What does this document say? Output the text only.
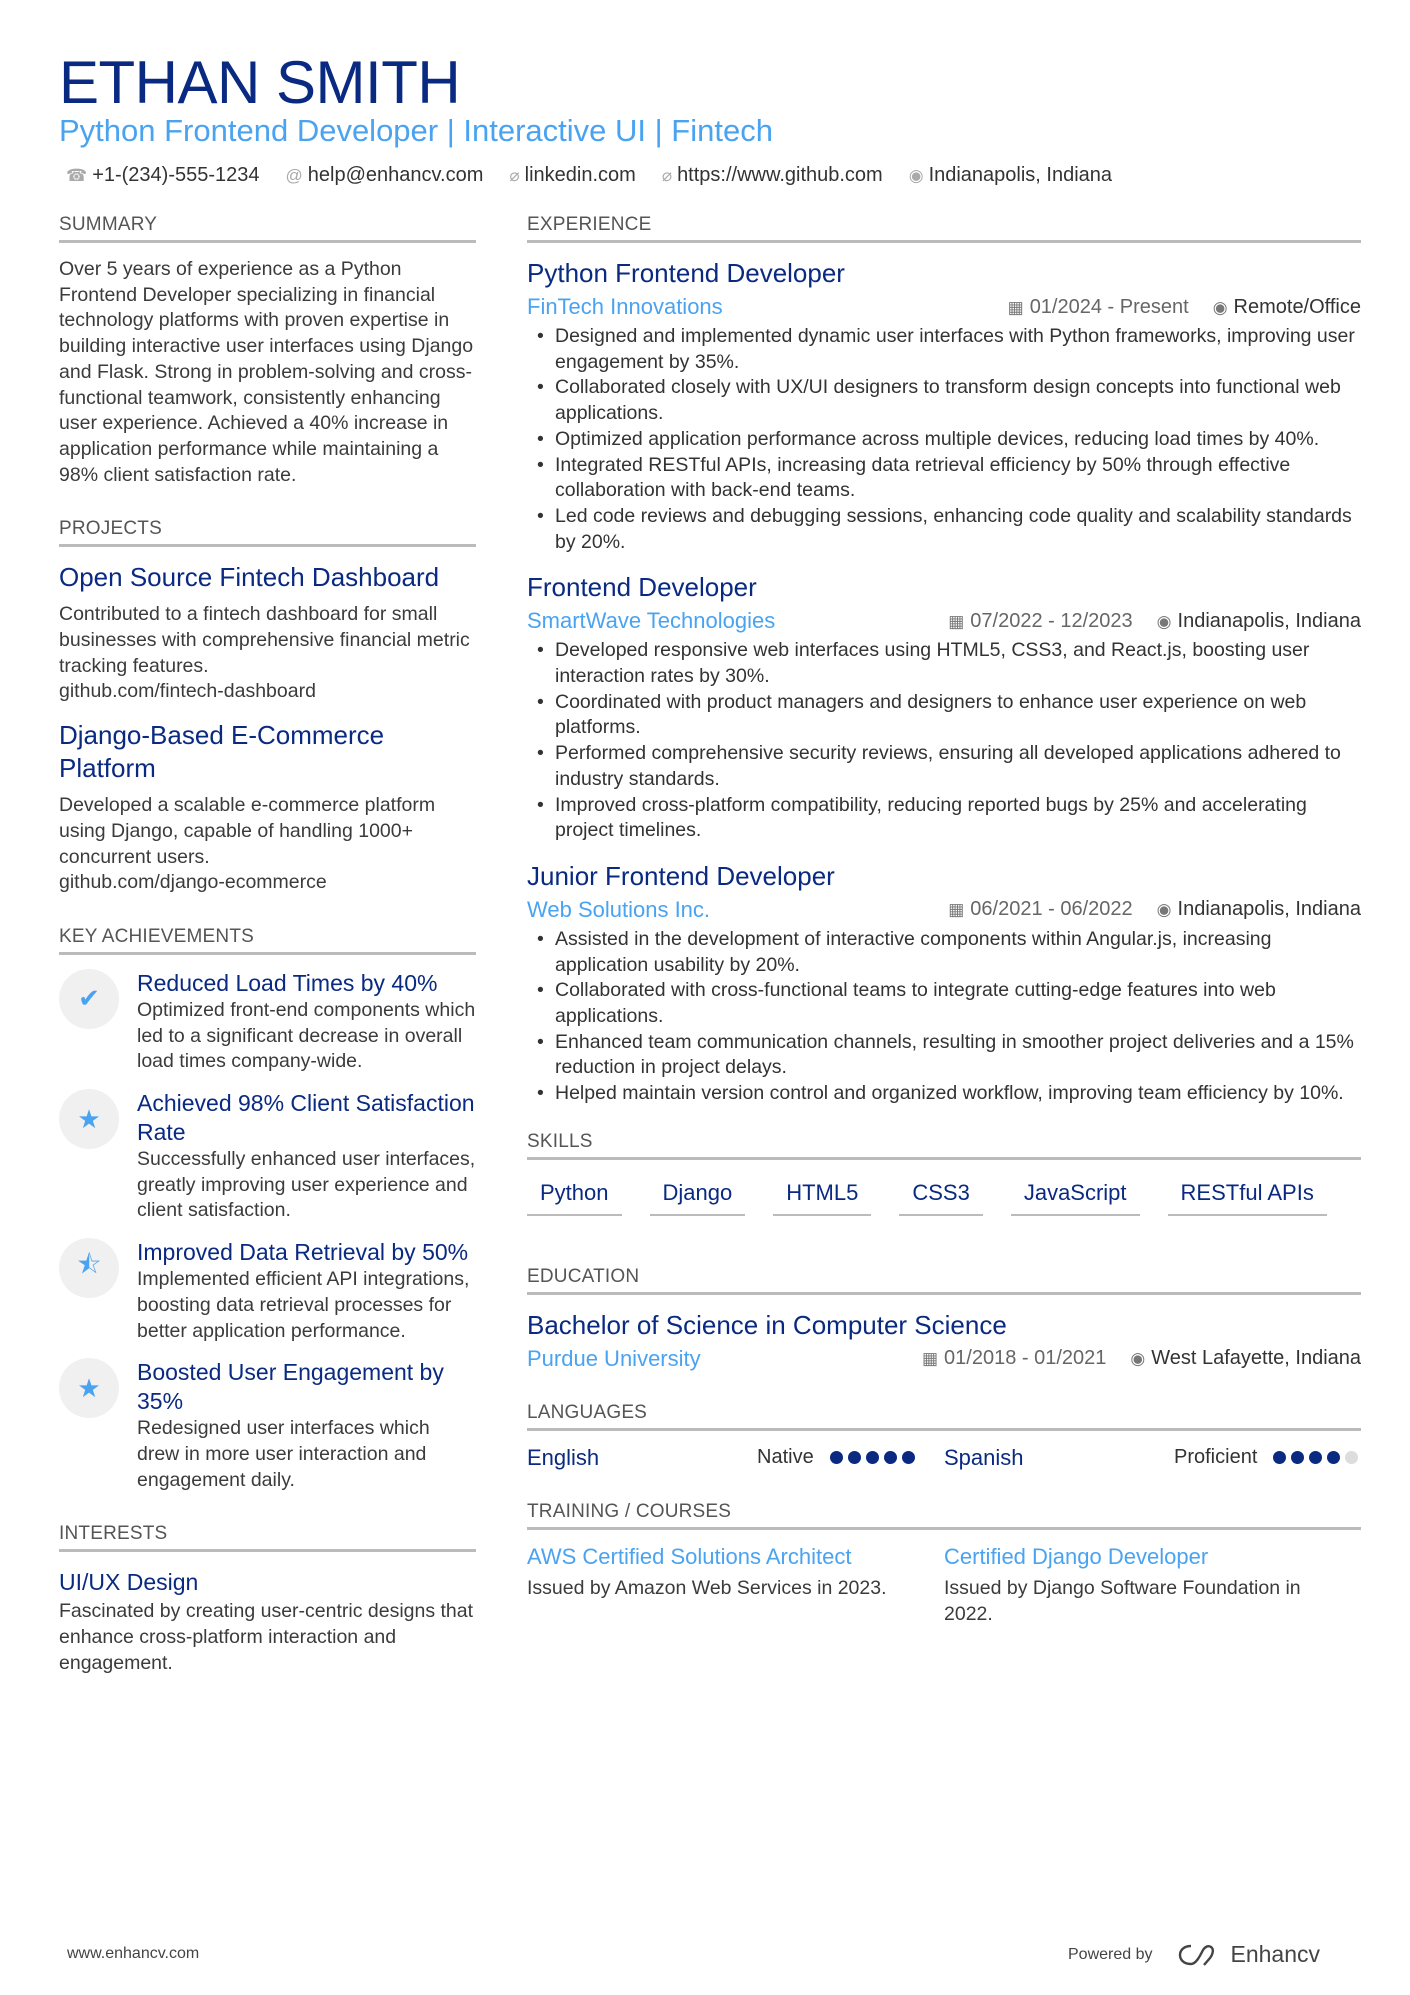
ETHAN SMITH
Python Frontend Developer | Interactive UI | Fintech
☎ +1-(234)-555-1234 @ help@enhancv.com ⌀ linkedin.com ⌀ https://www.github.com ◉ Indianapolis, Indiana
SUMMARY
Over 5 years of experience as a Python Frontend Developer specializing in financial technology platforms with proven expertise in building interactive user interfaces using Django and Flask. Strong in problem-solving and cross-functional teamwork, consistently enhancing user experience. Achieved a 40% increase in application performance while maintaining a 98% client satisfaction rate.
PROJECTS
Open Source Fintech Dashboard
Contributed to a fintech dashboard for small businesses with comprehensive financial metric tracking features.
github.com/fintech-dashboard
Django-Based E-Commerce Platform
Developed a scalable e-commerce platform using Django, capable of handling 1000+ concurrent users.
github.com/django-ecommerce
KEY ACHIEVEMENTS
✔
Reduced Load Times by 40%
Optimized front-end components which led to a significant decrease in overall load times company-wide.
★
Achieved 98% Client Satisfaction Rate
Successfully enhanced user interfaces, greatly improving user experience and client satisfaction.
⯪	Improved Data Retrieval by 50%
Implemented efficient API integrations, boosting data retrieval processes for better application performance.
★
Boosted User Engagement by 35%
Redesigned user interfaces which drew in more user interaction and engagement daily.
INTERESTS
UI/UX Design
Fascinated by creating user-centric designs that enhance cross-platform interaction and engagement.
EXPERIENCE
Python Frontend Developer
FinTech Innovations	▦ 01/2024 - Present ◉ Remote/Office
• Designed and implemented dynamic user interfaces with Python frameworks, improving user engagement by 35%.
• Collaborated closely with UX/UI designers to transform design concepts into functional web applications.
• Optimized application performance across multiple devices, reducing load times by 40%.
• Integrated RESTful APIs, increasing data retrieval efficiency by 50% through effective collaboration with back-end teams.
• Led code reviews and debugging sessions, enhancing code quality and scalability standards by 20%.
Frontend Developer
SmartWave Technologies	▦ 07/2022 - 12/2023 ◉ Indianapolis, Indiana
• Developed responsive web interfaces using HTML5, CSS3, and React.js, boosting user interaction rates by 30%.
• Coordinated with product managers and designers to enhance user experience on web platforms.
• Performed comprehensive security reviews, ensuring all developed applications adhered to industry standards.
• Improved cross-platform compatibility, reducing reported bugs by 25% and accelerating project timelines.
Junior Frontend Developer
Web Solutions Inc.	▦ 06/2021 - 06/2022 ◉ Indianapolis, Indiana
• Assisted in the development of interactive components within Angular.js, increasing application usability by 20%.
• Collaborated with cross-functional teams to integrate cutting-edge features into web applications.
• Enhanced team communication channels, resulting in smoother project deliveries and a 15% reduction in project delays.
• Helped maintain version control and organized workflow, improving team efficiency by 10%.
SKILLS
Python	Django	HTML5	CSS3	JavaScript	RESTful APIs
EDUCATION
Bachelor of Science in Computer Science
Purdue University	▦ 01/2018 - 01/2021 ◉ West Lafayette, Indiana
LANGUAGES
English	Native	Spanish	Proficient
TRAINING / COURSES
AWS Certified Solutions Architect
Issued by Amazon Web Services in 2023.
Certified Django Developer
Issued by Django Software Foundation in 2022.
www.enhancv.com	Powered by	Enhancv
